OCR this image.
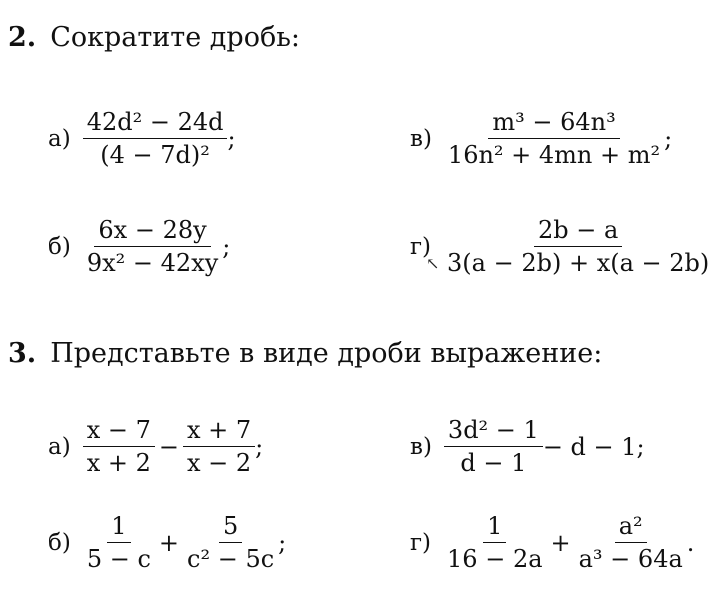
2. Сократите дробь:
$а) \frac{\text{42d² − 24d}}{\text{(4 − 7d)²}}$ ;	$в) \frac{\text{m³ − 64n³}}{\text{16n² + 4mn + m²}}$ ;
$б) \frac{6x - 28y}{\text{9x² − 42xy}}$ ;	$г) \frac{2b - a}{3(a - 2b) + x(a - 2b)}$
↖
3. Представьте в виде дроби выражение:
$а) \frac{x - 7}{x + 2} - \frac{x + 7}{x - 2}$ ;	$в) \frac{\text{3d² − 1}}{d - 1} - d - 1$;
$б) \frac{1}{5 - c} + \frac{5}{\text{c² − 5c}}$ ;	$г) \frac{1}{16 - 2a} + \frac{\text{a²}}{\text{a³ − 64a}}$ .
